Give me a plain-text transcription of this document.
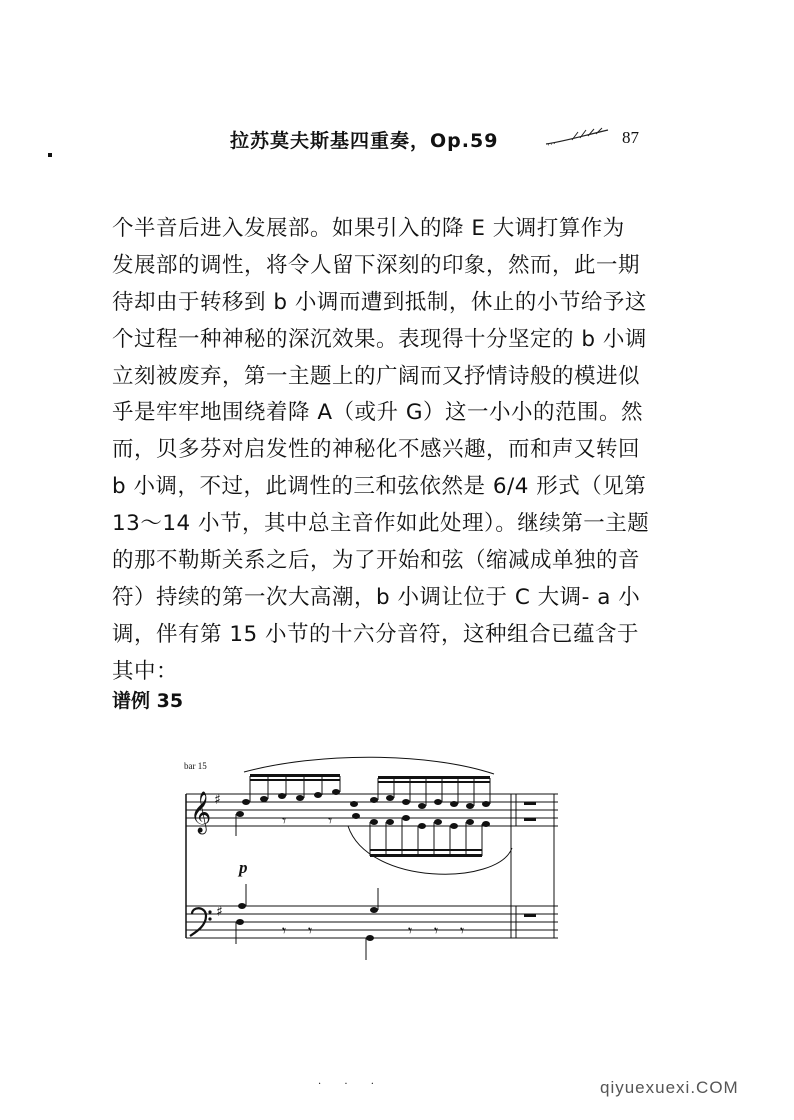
拉苏莫夫斯基四重奏，Op.59	87
个半音后进入发展部。如果引入的降 E 大调打算作为
发展部的调性，将令人留下深刻的印象，然而，此一期
待却由于转移到 b 小调而遭到抵制，休止的小节给予这
个过程一种神秘的深沉效果。表现得十分坚定的 b 小调
立刻被废弃，第一主题上的广阔而又抒情诗般的模进似
乎是牢牢地围绕着降 A（或升 G）这一小小的范围。然
而，贝多芬对启发性的神秘化不感兴趣，而和声又转回
b 小调，不过，此调性的三和弦依然是 6/4 形式（见第
13～14 小节，其中总主音作如此处理）。继续第一主题
的那不勒斯关系之后，为了开始和弦（缩减成单独的音
符）持续的第一次大高潮，b 小调让位于 C 大调- a 小
调，伴有第 15 小节的十六分音符，这种组合已蕴含于
其中：
谱例 35
𝄞 ♯
♯
𝄾	𝄾
𝄾 𝄾	𝄾 𝄾 𝄾
bar 15
p
. . .	qiyuexuexi.COM
